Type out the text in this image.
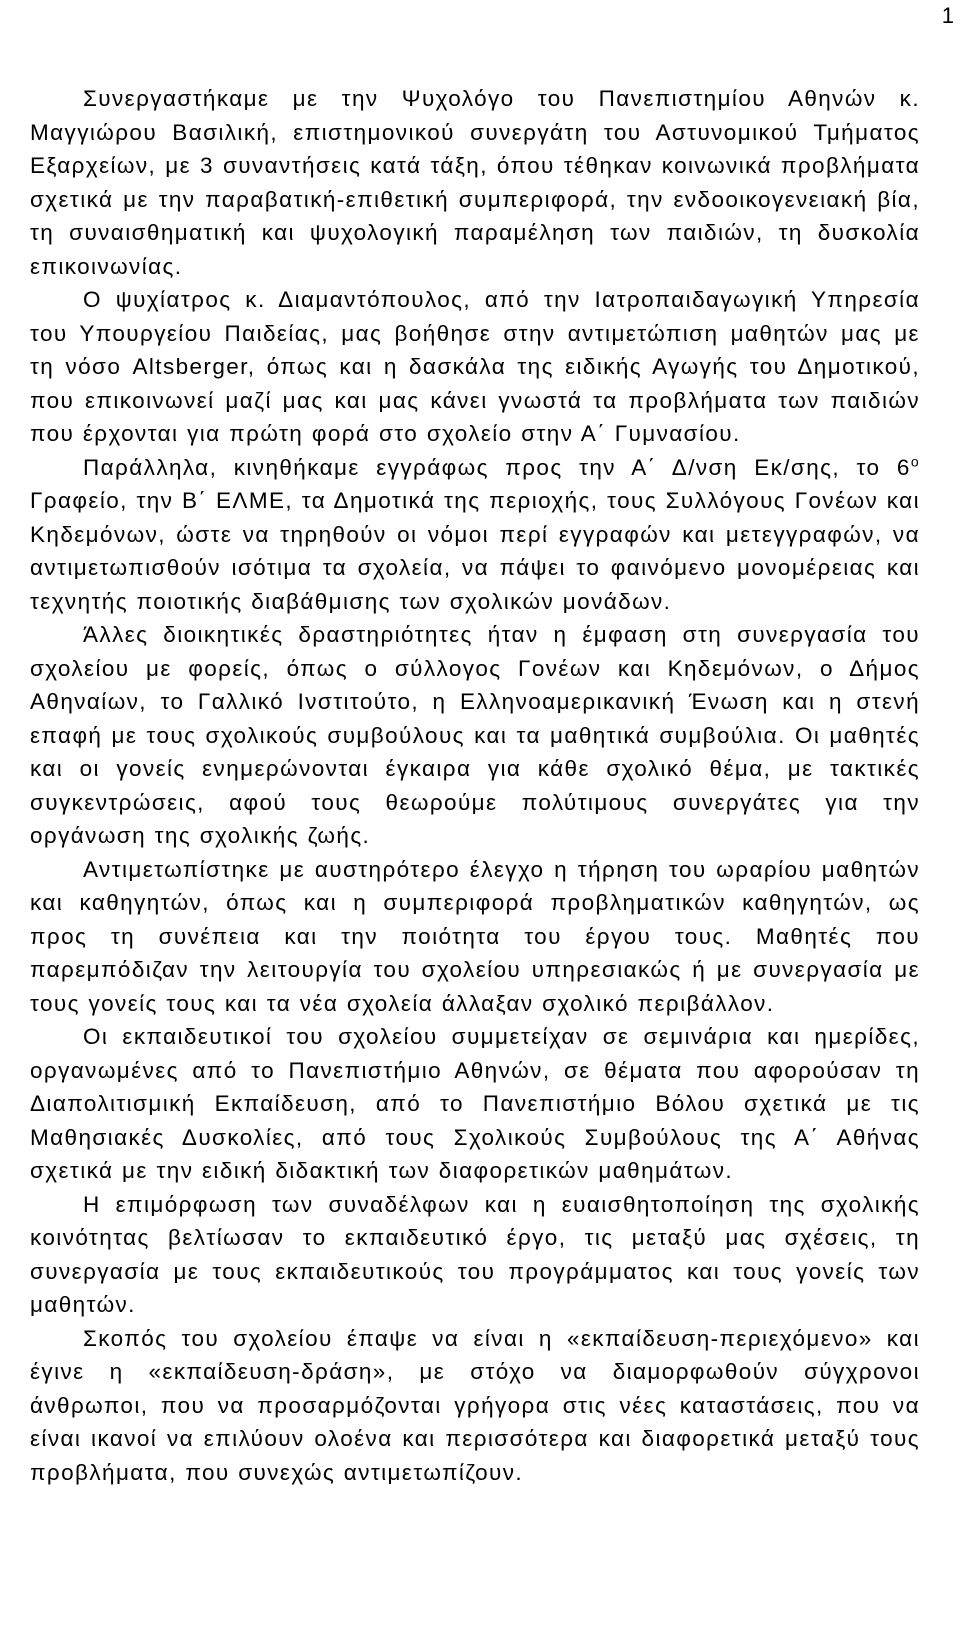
1

Συνεργαστήκαμε με την Ψυχολόγο του Πανεπιστημίου Αθηνών κ. Μαγγιώρου Βασιλική, επιστημονικού συνεργάτη του Αστυνομικού Τμήματος Εξαρχείων, με 3 συναντήσεις κατά τάξη, όπου τέθηκαν κοινωνικά προβλήματα σχετικά με την παραβατική-επιθετική συμπεριφορά, την ενδοοικογενειακή βία, τη συναισθηματική και ψυχολογική παραμέληση των παιδιών, τη δυσκολία επικοινωνίας.

Ο ψυχίατρος κ. Διαμαντόπουλος, από την Ιατροπαιδαγωγική Υπηρεσία του Υπουργείου Παιδείας, μας βοήθησε στην αντιμετώπιση μαθητών μας με τη νόσο Altsberger, όπως και η δασκάλα της ειδικής Αγωγής του Δημοτικού, που επικοινωνεί μαζί μας και μας κάνει γνωστά τα προβλήματα των παιδιών που έρχονται για πρώτη φορά στο σχολείο στην Α΄ Γυμνασίου.

Παράλληλα, κινηθήκαμε εγγράφως προς την Α΄ Δ/νση Εκ/σης, το $6^o$ Γραφείο, την Β΄ ΕΛΜΕ, τα Δημοτικά της περιοχής, τους Συλλόγους Γονέων και Κηδεμόνων, ώστε να τηρηθούν οι νόμοι περί εγγραφών και μετεγγραφών, να αντιμετωπισθούν ισότιμα τα σχολεία, να πάψει το φαινόμενο μονομέρειας και τεχνητής ποιοτικής διαβάθμισης των σχολικών μονάδων.

Άλλες διοικητικές δραστηριότητες ήταν η έμφαση στη συνεργασία του σχολείου με φορείς, όπως ο σύλλογος Γονέων και Κηδεμόνων, ο Δήμος Αθηναίων, το Γαλλικό Ινστιτούτο, η Ελληνοαμερικανική Ένωση και η στενή επαφή με τους σχολικούς συμβούλους και τα μαθητικά συμβούλια. Οι μαθητές και οι γονείς ενημερώνονται έγκαιρα για κάθε σχολικό θέμα, με τακτικές συγκεντρώσεις, αφού τους θεωρούμε πολύτιμους συνεργάτες για την οργάνωση της σχολικής ζωής.

Αντιμετωπίστηκε με αυστηρότερο έλεγχο η τήρηση του ωραρίου μαθητών και καθηγητών, όπως και η συμπεριφορά προβληματικών καθηγητών, ως προς τη συνέπεια και την ποιότητα του έργου τους. Μαθητές που παρεμπόδιζαν την λειτουργία του σχολείου υπηρεσιακώς ή με συνεργασία με τους γονείς τους και τα νέα σχολεία άλλαξαν σχολικό περιβάλλον.

Οι εκπαιδευτικοί του σχολείου συμμετείχαν σε σεμινάρια και ημερίδες, οργανωμένες από το Πανεπιστήμιο Αθηνών, σε θέματα που αφορούσαν τη Διαπολιτισμική Εκπαίδευση, από το Πανεπιστήμιο Βόλου σχετικά με τις Μαθησιακές Δυσκολίες, από τους Σχολικούς Συμβούλους της Α΄ Αθήνας σχετικά με την ειδική διδακτική των διαφορετικών μαθημάτων.

Η επιμόρφωση των συναδέλφων και η ευαισθητοποίηση της σχολικής κοινότητας βελτίωσαν το εκπαιδευτικό έργο, τις μεταξύ μας σχέσεις, τη συνεργασία με τους εκπαιδευτικούς του προγράμματος και τους γονείς των μαθητών.

Σκοπός του σχολείου έπαψε να είναι η «εκπαίδευση-περιεχόμενο» και έγινε η «εκπαίδευση-δράση», με στόχο να διαμορφωθούν σύγχρονοι άνθρωποι, που να προσαρμόζονται γρήγορα στις νέες καταστάσεις, που να είναι ικανοί να επιλύουν ολοένα και περισσότερα και διαφορετικά μεταξύ τους προβλήματα, που συνεχώς αντιμετωπίζουν.
